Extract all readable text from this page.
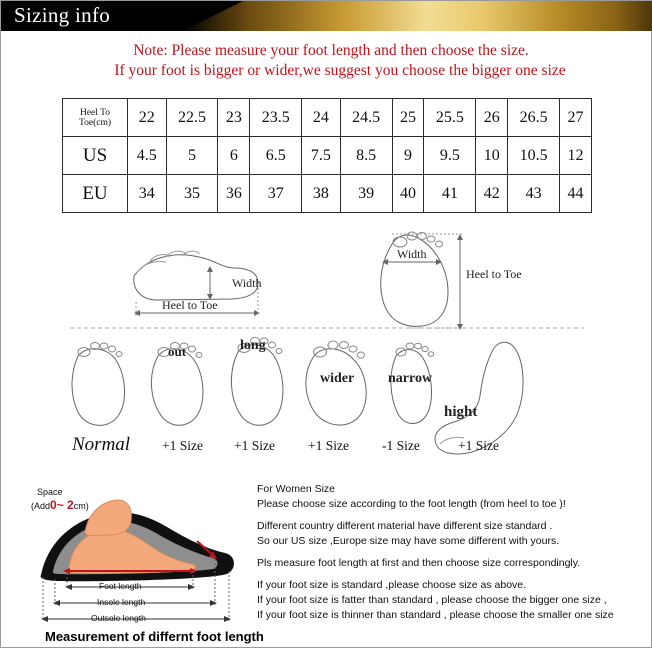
Sizing info
Note: Please measure your foot length and then choose the size.
If your foot is bigger or wider,we suggest you choose the bigger one size
Heel To Toe(cm)	22	22.5	23	23.5	24	24.5	25	25.5	26	26.5	27
US	4.5	5	6	6.5	7.5	8.5	9	9.5	10	10.5	12
EU	34	35	36	37	38	39	40	41	42	43	44
Width
Heel to Toe
Width
Heel to Toe
out	long
wider narrow
hight
Normal +1 Size +1 Size +1 Size -1 Size	+1 Size
Space
(Add0~ 2cm)
Foot length
Insole length
Outsole length

For Women Size

Please choose size according to the foot length (from heel to toe )!

Different country different material have different size standard .

So our US size ,Europe size may have some different with yours.

Pls measure foot length at first and then choose size correspondingly.

If your foot size is standard ,please choose size as above.

If your foot size is fatter than standard , please choose the bigger one size ,

If your foot size is thinner than standard , please choose the smaller one size

Measurement of differnt foot length
